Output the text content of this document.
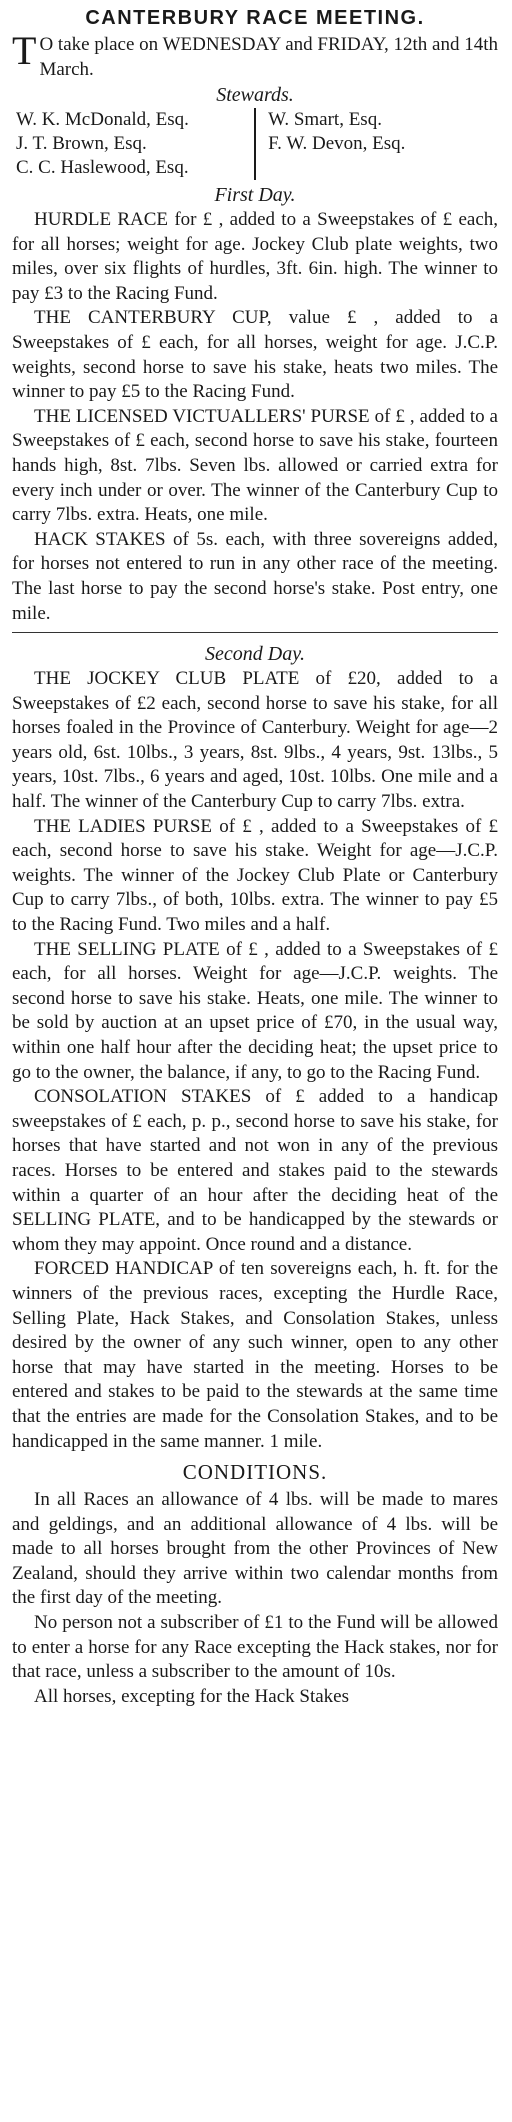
CANTERBURY RACE MEETING.

T O take place on WEDNESDAY and FRIDAY, 12th and 14th March.

Stewards.
W. K. McDonald, Esq.
J. T. Brown, Esq.
C. C. Haslewood, Esq.
W. Smart, Esq.
F. W. Devon, Esq.
First Day.

HURDLE RACE for £ , added to a Sweepstakes of £ each, for all horses; weight for age. Jockey Club plate weights, two miles, over six flights of hurdles, 3ft. 6in. high. The winner to pay £3 to the Racing Fund.

THE CANTERBURY CUP, value £ , added to a Sweepstakes of £ each, for all horses, weight for age. J.C.P. weights, second horse to save his stake, heats two miles. The winner to pay £5 to the Racing Fund.

THE LICENSED VICTUALLERS' PURSE of £ , added to a Sweepstakes of £ each, second horse to save his stake, fourteen hands high, 8st. 7lbs. Seven lbs. allowed or carried extra for every inch under or over. The winner of the Canterbury Cup to carry 7lbs. extra. Heats, one mile.

HACK STAKES of 5s. each, with three sovereigns added, for horses not entered to run in any other race of the meeting. The last horse to pay the second horse's stake. Post entry, one mile.

Second Day.

THE JOCKEY CLUB PLATE of £20, added to a Sweepstakes of £2 each, second horse to save his stake, for all horses foaled in the Province of Canterbury. Weight for age—2 years old, 6st. 10lbs., 3 years, 8st. 9lbs., 4 years, 9st. 13lbs., 5 years, 10st. 7lbs., 6 years and aged, 10st. 10lbs. One mile and a half. The winner of the Canterbury Cup to carry 7lbs. extra.

THE LADIES PURSE of £ , added to a Sweepstakes of £ each, second horse to save his stake. Weight for age—J.C.P. weights. The winner of the Jockey Club Plate or Canterbury Cup to carry 7lbs., of both, 10lbs. extra. The winner to pay £5 to the Racing Fund. Two miles and a half.

THE SELLING PLATE of £ , added to a Sweepstakes of £ each, for all horses. Weight for age—J.C.P. weights. The second horse to save his stake. Heats, one mile. The winner to be sold by auction at an upset price of £70, in the usual way, within one half hour after the deciding heat; the upset price to go to the owner, the balance, if any, to go to the Racing Fund.

CONSOLATION STAKES of £ added to a handicap sweepstakes of £ each, p. p., second horse to save his stake, for horses that have started and not won in any of the previous races. Horses to be entered and stakes paid to the stewards within a quarter of an hour after the deciding heat of the SELLING PLATE, and to be handicapped by the stewards or whom they may appoint. Once round and a distance.

FORCED HANDICAP of ten sovereigns each, h. ft. for the winners of the previous races, excepting the Hurdle Race, Selling Plate, Hack Stakes, and Consolation Stakes, unless desired by the owner of any such winner, open to any other horse that may have started in the meeting. Horses to be entered and stakes to be paid to the stewards at the same time that the entries are made for the Consolation Stakes, and to be handicapped in the same manner. 1 mile.

CONDITIONS.

In all Races an allowance of 4 lbs. will be made to mares and geldings, and an additional allowance of 4 lbs. will be made to all horses brought from the other Provinces of New Zealand, should they arrive within two calendar months from the first day of the meeting.

No person not a subscriber of £1 to the Fund will be allowed to enter a horse for any Race excepting the Hack stakes, nor for that race, unless a subscriber to the amount of 10s.

All horses, excepting for the Hack Stakes
